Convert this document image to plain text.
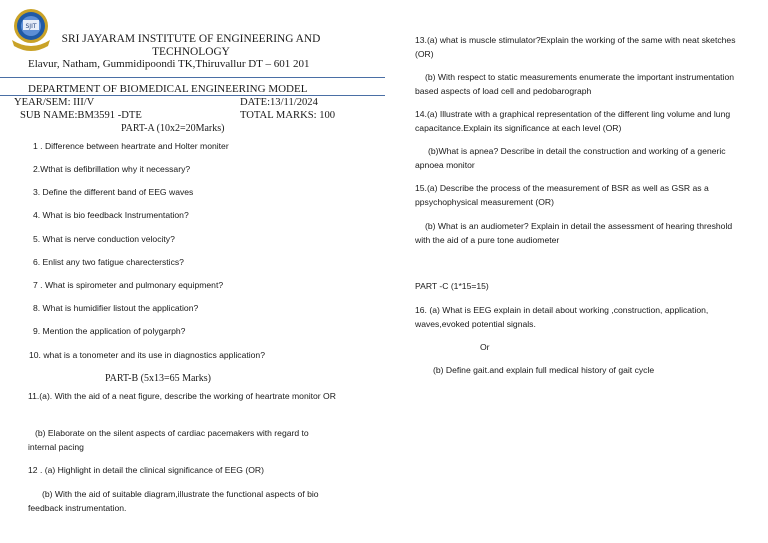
SJIT
SRI JAYARAM INSTITUTE OF ENGINEERING AND TECHNOLOGY
Elavur, Natham, Gummidipoondi TK,Thiruvallur DT – 601 201
DEPARTMENT OF BIOMEDICAL ENGINEERING MODEL
YEAR/SEM: III/V	DATE:13/11/2024
SUB NAME:BM3591 -DTE	TOTAL MARKS: 100
PART-A (10x2=20Marks)
1 . Difference between heartrate and Holter moniter
2.Wthat is defibrillation why it necessary?
3. Define the different band of EEG waves
4. What is bio feedback Instrumentation?
5. What is nerve conduction velocity?
6. Enlist any two fatigue charecterstics?
7 . What is spirometer and pulmonary equipment?
8. What is humidifier listout the application?
9. Mention the application of polygarph?
10. what is a tonometer and its use in diagnostics application?
PART-B (5x13=65 Marks)
11.(a). With the aid of a neat figure, describe the working of heartrate monitor OR
(b) Elaborate on the silent aspects of cardiac pacemakers with regard to internal pacing
12 . (a) Highlight in detail the clinical significance of EEG (OR)
(b) With the aid of suitable diagram,illustrate the functional aspects of bio feedback instrumentation.
13.(a) what is muscle stimulator?Explain the working of the same with neat sketches (OR)
(b) With respect to static measurements enumerate the important instrumentation based aspects of load cell and pedobarograph
14.(a) Illustrate with a graphical representation of the different ling volume and lung capacitance.Explain its significance at each level (OR)
(b)What is apnea? Describe in detail the construction and working of a generic apnoea monitor
15.(a) Describe the process of the measurement of BSR as well as GSR as a ppsychophysical measurement (OR)
(b) What is an audiometer? Explain in detail the assessment of hearing threshold with the aid of a pure tone audiometer
PART -C (1*15=15)
16. (a) What is EEG explain in detail about working ,construction, application, waves,evoked potential signals.
Or
(b) Define gait.and explain full medical history of gait cycle
